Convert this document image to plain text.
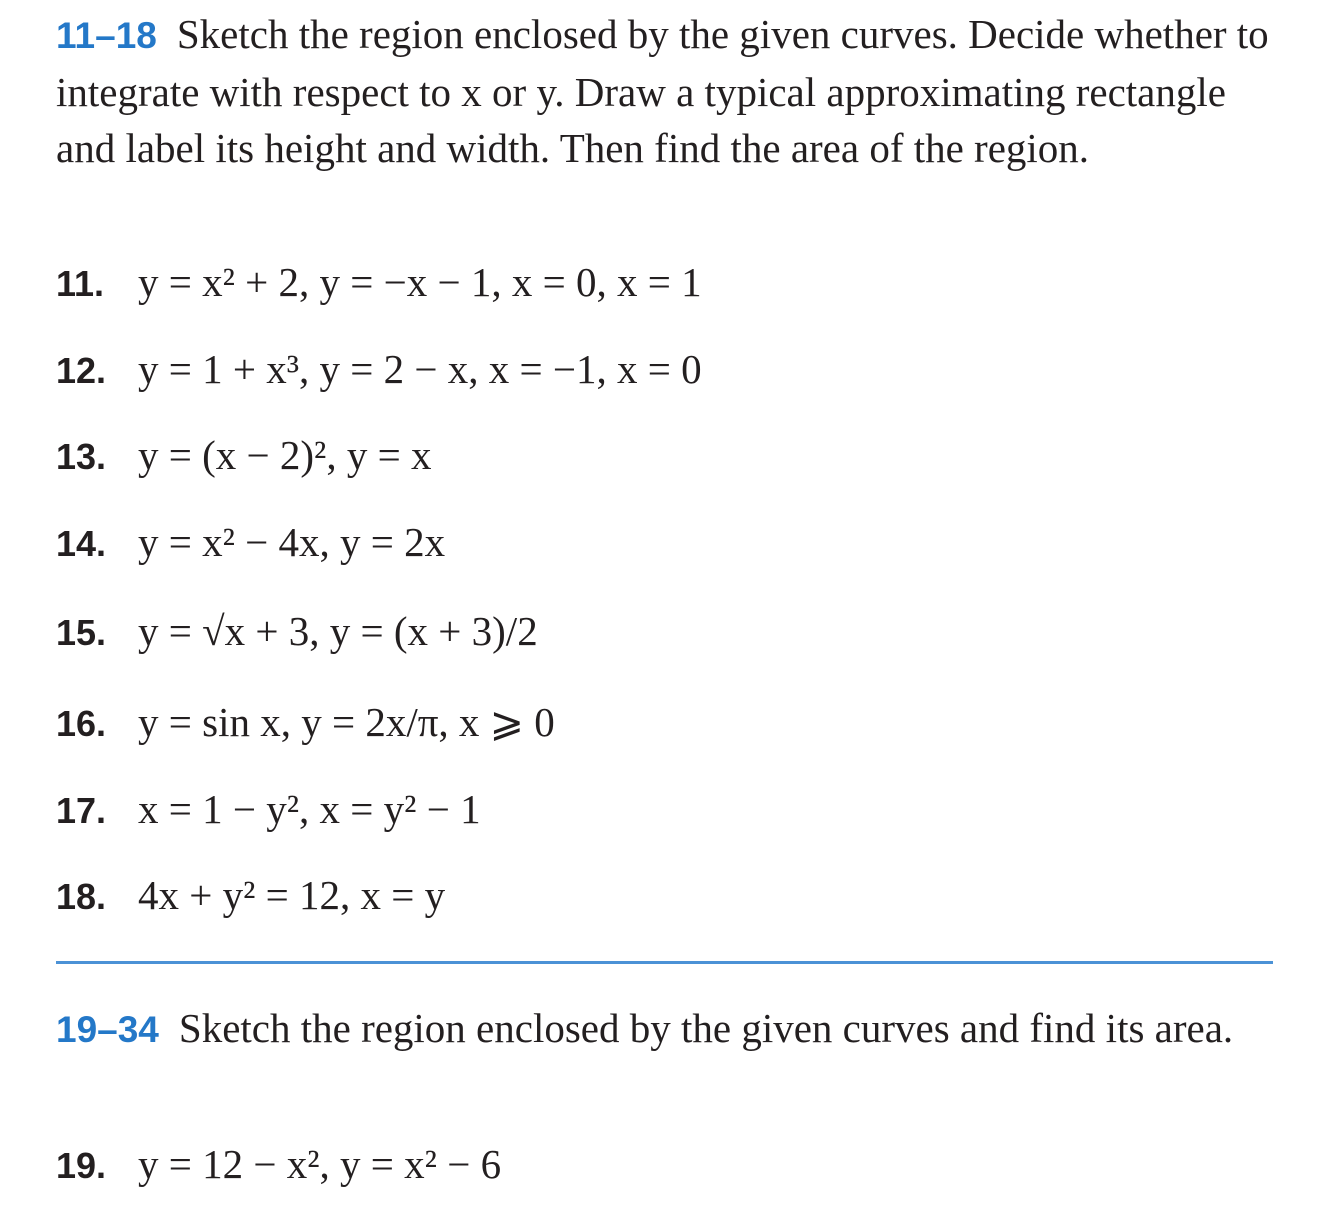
11–18 Sketch the region enclosed by the given curves. Decide whether to integrate with respect to x or y. Draw a typical approximating rectangle and label its height and width. Then find the area of the region.
11. y = x² + 2, y = −x − 1, x = 0, x = 1
12. y = 1 + x³, y = 2 − x, x = −1, x = 0
13. y = (x − 2)², y = x
14. y = x² − 4x, y = 2x
15. y = √x + 3, y = (x + 3)/2
16. y = sin x, y = 2x/π, x ⩾ 0
17. x = 1 − y², x = y² − 1
18. 4x + y² = 12, x = y
19–34 Sketch the region enclosed by the given curves and find its area.
19. y = 12 − x², y = x² − 6
